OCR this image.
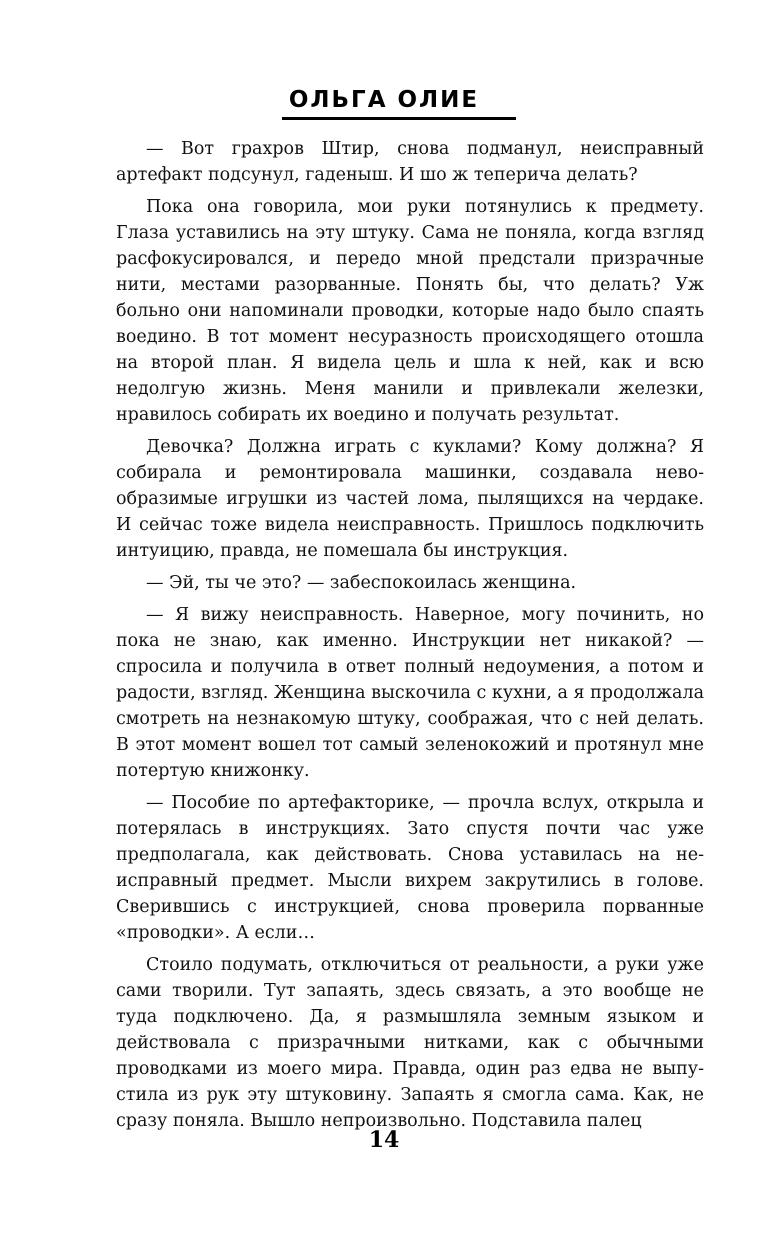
ОЛЬГА ОЛИЕ

— Вот грахров Штир, снова подманул, неисправный артефакт подсунул, гаденыш. И шо ж теперича делать?

Пока она говорила, мои руки потянулись к предмету. Глаза уставились на эту штуку. Сама не поняла, когда взгляд расфокусировался, и передо мной предстали призрачные нити, местами разорванные. Понять бы, что делать? Уж больно они напоминали проводки, которые надо было спаять воедино. В тот момент несуразность происходящего отошла на второй план. Я видела цель и шла к ней, как и всю недолгую жизнь. Меня манили и привлекали железки, нравилось собирать их воедино и получать результат.

Девочка? Должна играть с куклами? Кому должна? Я собирала и ремонтировала машинки, создавала невообразимые игрушки из частей лома, пылящихся на чердаке. И сейчас тоже видела неисправность. Пришлось подключить интуицию, правда, не помешала бы инструкция.

— Эй, ты че это? — забеспокоилась женщина.

— Я вижу неисправность. Наверное, могу починить, но пока не знаю, как именно. Инструкции нет никакой? — спросила и получила в ответ полный недоумения, а потом и радости, взгляд. Женщина выскочила с кухни, а я продолжала смотреть на незнакомую штуку, соображая, что с ней делать. В этот момент вошел тот самый зеленокожий и протянул мне потертую книжонку.

— Пособие по артефакторике, — прочла вслух, открыла и потерялась в инструкциях. Зато спустя почти час уже предполагала, как действовать. Снова уставилась на неисправный предмет. Мысли вихрем закрутились в голове. Сверившись с инструкцией, снова проверила порванные «проводки». А если…

Стоило подумать, отключиться от реальности, а руки уже сами творили. Тут запаять, здесь связать, а это вообще не туда подключено. Да, я размышляла земным языком и действовала с призрачными нитками, как с обычными проводками из моего мира. Правда, один раз едва не выпустила из рук эту штуковину. Запаять я смогла сама. Как, не сразу поняла. Вышло непроизвольно. Подставила палец

14
